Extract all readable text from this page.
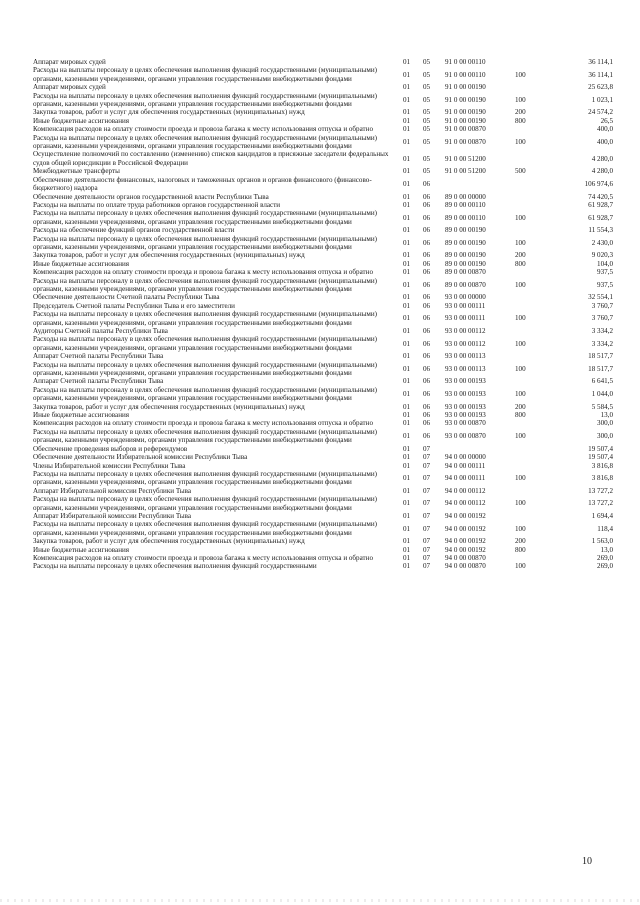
Аппарат мировых судей	01	05	91 0 00 00110		36 114,1
Расходы на выплаты персоналу в целях обеспечения выполнения функций государственными (муниципальными) органами, казенными учреждениями, органами управления государственными внебюджетными фондами	01	05	91 0 00 00110	100	36 114,1
Аппарат мировых судей	01	05	91 0 00 00190		25 623,8
Расходы на выплаты персоналу в целях обеспечения выполнения функций государственными (муниципальными) органами, казенными учреждениями, органами управления государственными внебюджетными фондами	01	05	91 0 00 00190	100	1 023,1
Закупка товаров, работ и услуг для обеспечения государственных (муниципальных) нужд	01	05	91 0 00 00190	200	24 574,2
Иные бюджетные ассигнования	01	05	91 0 00 00190	800	26,5
Компенсация расходов на оплату стоимости проезда и провоза багажа к месту использования отпуска и обратно	01	05	91 0 00 00870		400,0
Расходы на выплаты персоналу в целях обеспечения выполнения функций государственными (муниципальными) органами, казенными учреждениями, органами управления государственными внебюджетными фондами	01	05	91 0 00 00870	100	400,0
Осуществление полномочий по составлению (изменению) списков кандидатов в присяжные заседатели федеральных судов общей юрисдикции в Российской Федерации	01	05	91 0 00 51200		4 280,0
Межбюджетные трансферты	01	05	91 0 00 51200	500	4 280,0
Обеспечение деятельности финансовых, налоговых и таможенных органов и органов финансового (финансово-бюджетного) надзора	01	06			106 974,6
Обеспечение деятельности органов государственной власти Республики Тыва	01	06	89 0 00 00000		74 420,5
Расходы на выплаты по оплате труда работников органов государственной власти	01	06	89 0 00 00110		61 928,7
Расходы на выплаты персоналу в целях обеспечения выполнения функций государственными (муниципальными) органами, казенными учреждениями, органами управления государственными внебюджетными фондами	01	06	89 0 00 00110	100	61 928,7
Расходы на обеспечение функций органов государственной власти	01	06	89 0 00 00190		11 554,3
Расходы на выплаты персоналу в целях обеспечения выполнения функций государственными (муниципальными) органами, казенными учреждениями, органами управления государственными внебюджетными фондами	01	06	89 0 00 00190	100	2 430,0
Закупка товаров, работ и услуг для обеспечения государственных (муниципальных) нужд	01	06	89 0 00 00190	200	9 020,3
Иные бюджетные ассигнования	01	06	89 0 00 00190	800	104,0
Компенсация расходов на оплату стоимости проезда и провоза багажа к месту использования отпуска и обратно	01	06	89 0 00 00870		937,5
Расходы на выплаты персоналу в целях обеспечения выполнения функций государственными (муниципальными) органами, казенными учреждениями, органами управления государственными внебюджетными фондами	01	06	89 0 00 00870	100	937,5
Обеспечение деятельности Счетной палаты Республики Тыва	01	06	93 0 00 00000		32 554,1
Председатель Счетной палаты Республики Тыва и его заместители	01	06	93 0 00 00111		3 760,7
Расходы на выплаты персоналу в целях обеспечения выполнения функций государственными (муниципальными) органами, казенными учреждениями, органами управления государственными внебюджетными фондами	01	06	93 0 00 00111	100	3 760,7
Аудиторы Счетной палаты Республики Тыва	01	06	93 0 00 00112		3 334,2
Расходы на выплаты персоналу в целях обеспечения выполнения функций государственными (муниципальными) органами, казенными учреждениями, органами управления государственными внебюджетными фондами	01	06	93 0 00 00112	100	3 334,2
Аппарат Счетной палаты Республики Тыва	01	06	93 0 00 00113		18 517,7
Расходы на выплаты персоналу в целях обеспечения выполнения функций государственными (муниципальными) органами, казенными учреждениями, органами управления государственными внебюджетными фондами	01	06	93 0 00 00113	100	18 517,7
Аппарат Счетной палаты Республики Тыва	01	06	93 0 00 00193		6 641,5
Расходы на выплаты персоналу в целях обеспечения выполнения функций государственными (муниципальными) органами, казенными учреждениями, органами управления государственными внебюджетными фондами	01	06	93 0 00 00193	100	1 044,0
Закупка товаров, работ и услуг для обеспечения государственных (муниципальных) нужд	01	06	93 0 00 00193	200	5 584,5
Иные бюджетные ассигнования	01	06	93 0 00 00193	800	13,0
Компенсация расходов на оплату стоимости проезда и провоза багажа к месту использования отпуска и обратно	01	06	93 0 00 00870		300,0
Расходы на выплаты персоналу в целях обеспечения выполнения функций государственными (муниципальными) органами, казенными учреждениями, органами управления государственными внебюджетными фондами	01	06	93 0 00 00870	100	300,0
Обеспечение проведения выборов и референдумов	01	07			19 507,4
Обеспечение деятельности Избирательной комиссии Республики Тыва	01	07	94 0 00 00000		19 507,4
Члены Избирательной комиссии Республики Тыва	01	07	94 0 00 00111		3 816,8
Расходы на выплаты персоналу в целях обеспечения выполнения функций государственными (муниципальными) органами, казенными учреждениями, органами управления государственными внебюджетными фондами	01	07	94 0 00 00111	100	3 816,8
Аппарат Избирательной комиссии Республики Тыва	01	07	94 0 00 00112		13 727,2
Расходы на выплаты персоналу в целях обеспечения выполнения функций государственными (муниципальными) органами, казенными учреждениями, органами управления государственными внебюджетными фондами	01	07	94 0 00 00112	100	13 727,2
Аппарат Избирательной комиссии Республики Тыва	01	07	94 0 00 00192		1 694,4
Расходы на выплаты персоналу в целях обеспечения выполнения функций государственными (муниципальными) органами, казенными учреждениями, органами управления государственными внебюджетными фондами	01	07	94 0 00 00192	100	118,4
Закупка товаров, работ и услуг для обеспечения государственных (муниципальных) нужд	01	07	94 0 00 00192	200	1 563,0
Иные бюджетные ассигнования	01	07	94 0 00 00192	800	13,0
Компенсация расходов на оплату стоимости проезда и провоза багажа к месту использования отпуска и обратно	01	07	94 0 00 00870		269,0
Расходы на выплаты персоналу в целях обеспечения выполнения функций государственными	01	07	94 0 00 00870	100	269,0
10
